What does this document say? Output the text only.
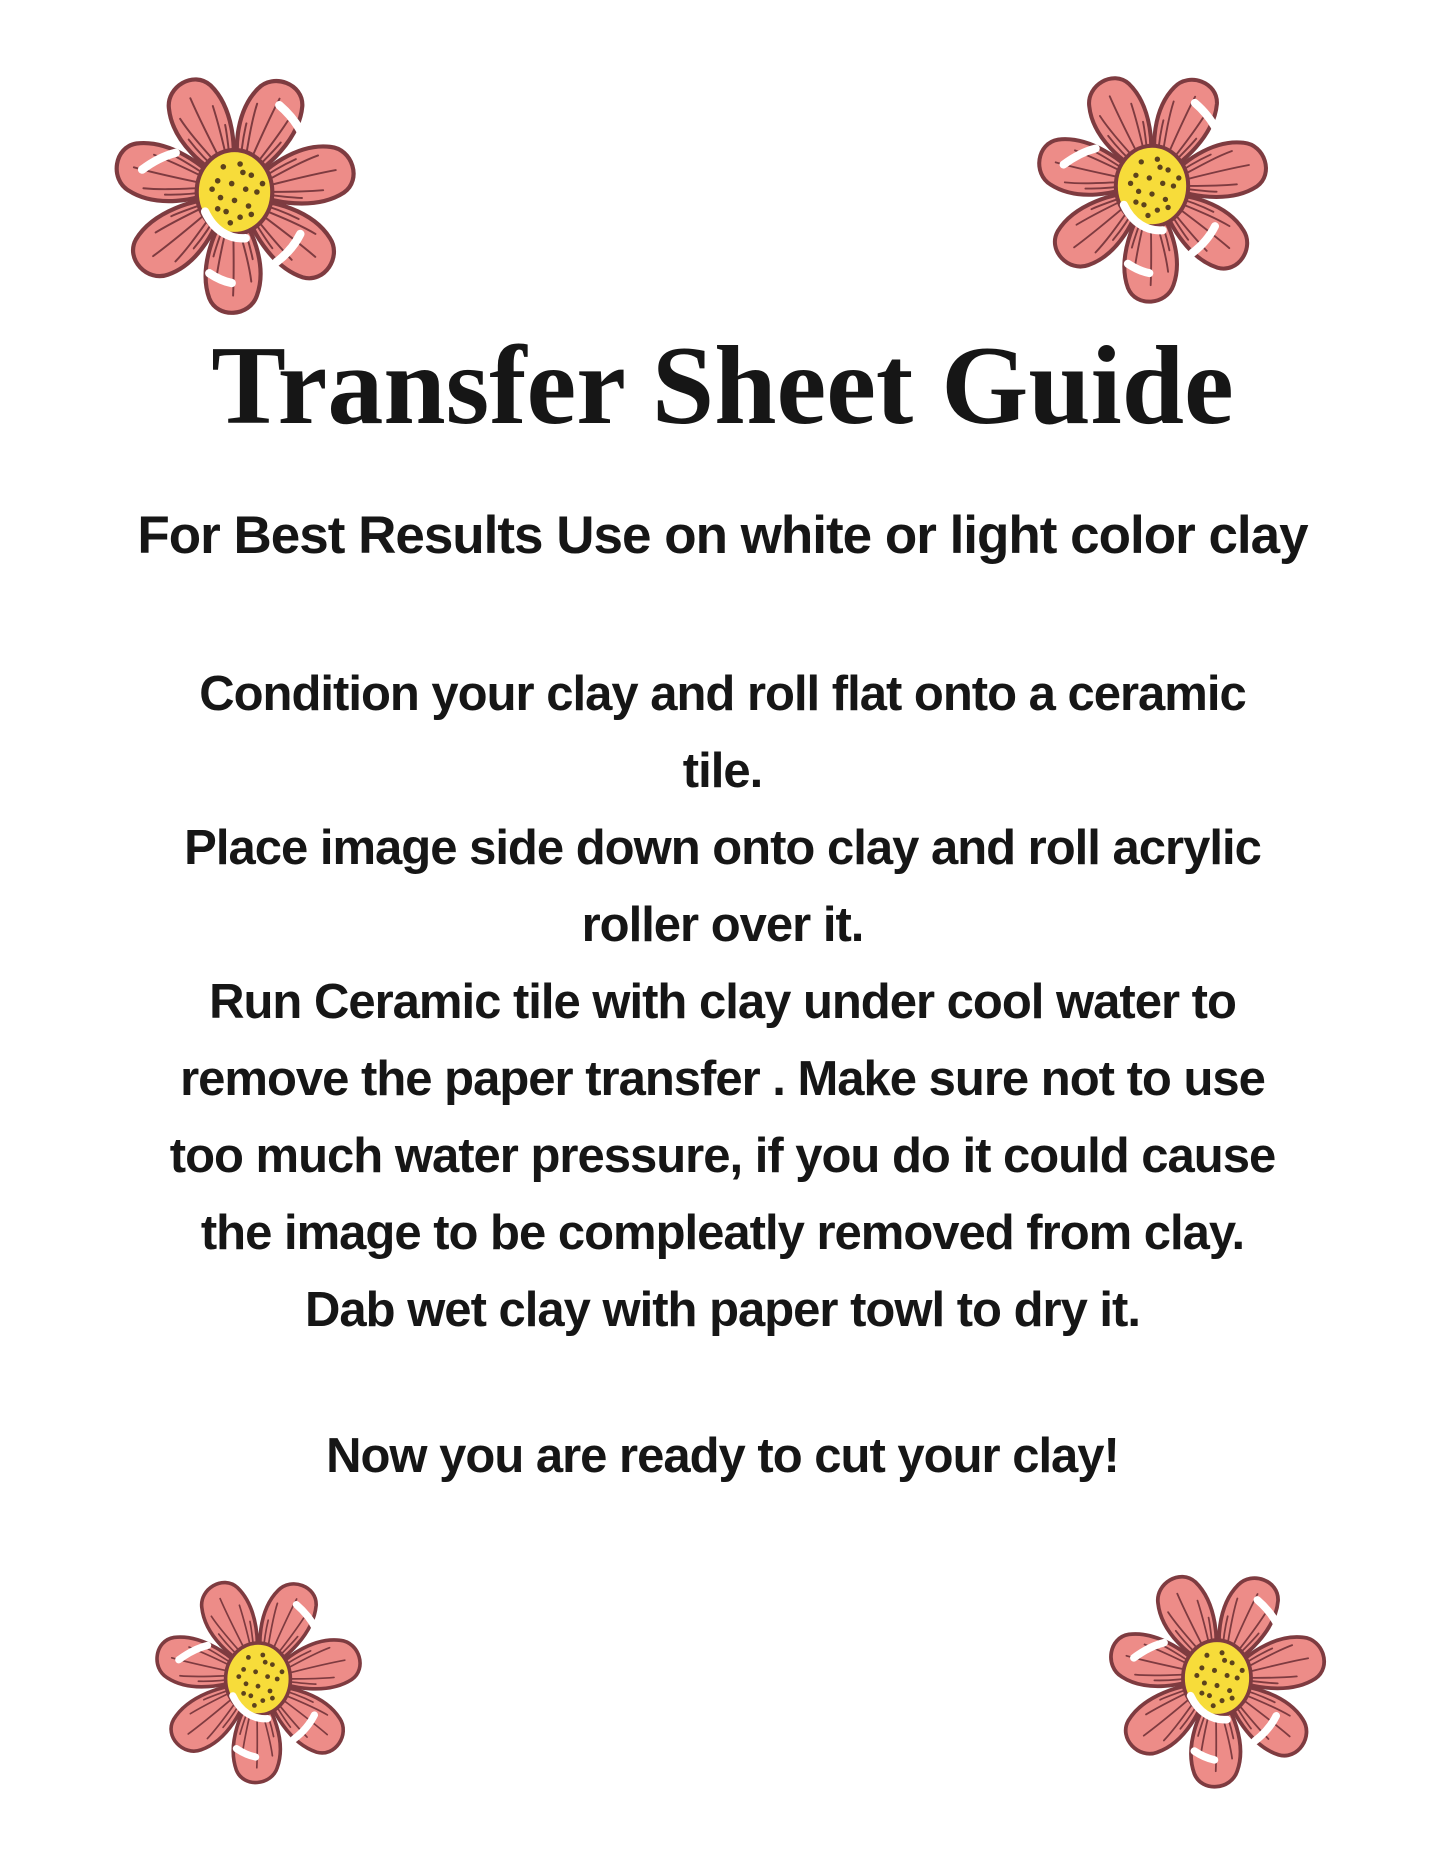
Transfer Sheet Guide
For Best Results Use on white or light color clay
Condition your clay and roll flat onto a ceramic
tile.
Place image side down onto clay and roll acrylic
roller over it.
Run Ceramic tile with clay under cool water to
remove the paper transfer . Make sure not to use
too much water pressure, if you do it could cause
the image to be compleatly removed from clay.
Dab wet clay with paper towl to dry it.
Now you are ready to cut your clay!
